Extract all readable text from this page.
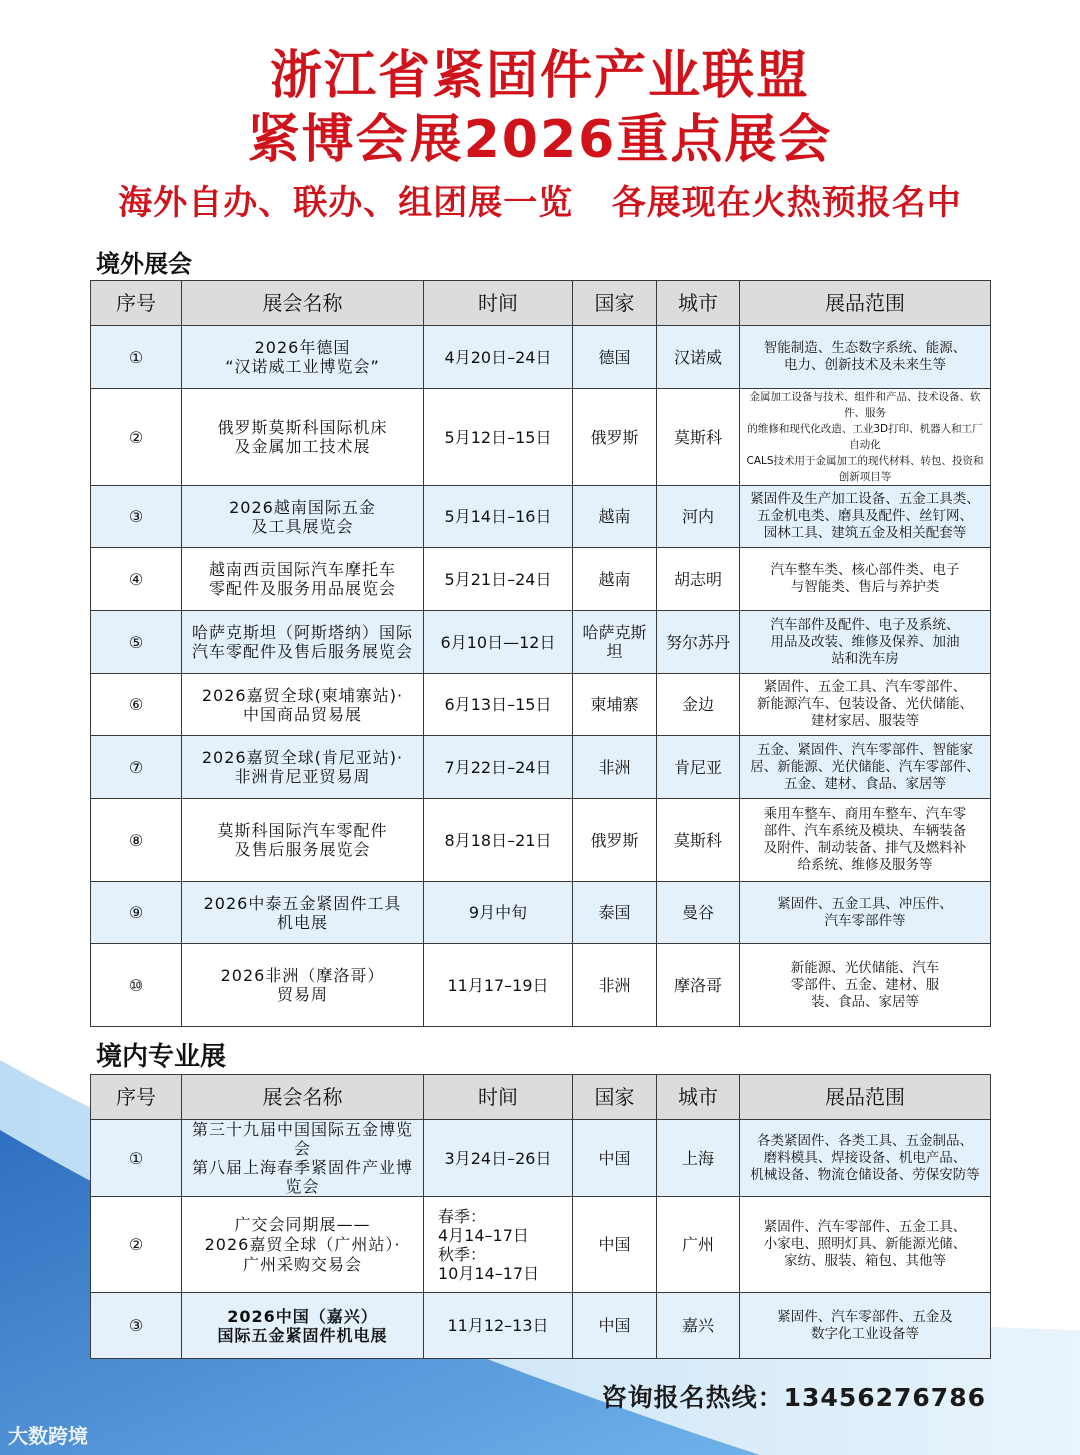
浙江省紧固件产业联盟
紧博会展2026重点展会
海外自办、联办、组团展一览   各展现在火热预报名中
境外展会
序号	展会名称	时间	国家	城市	展品范围
①	2026年德国
“汉诺威工业博览会”	4月20日–24日	德国	汉诺威	智能制造、生态数字系统、能源、
电力、创新技术及未来生等
②	俄罗斯莫斯科国际机床
及金属加工技术展	5月12日–15日	俄罗斯	莫斯科	金属加工设备与技术、组件和产品、技术设备、软件、服务
的维修和现代化改造、工业3D打印、机器人和工厂自动化
CALS技术用于金属加工的现代材料、转包、投资和创新项目等
③	2026越南国际五金
及工具展览会	5月14日–16日	越南	河内	紧固件及生产加工设备、五金工具类、
五金机电类、磨具及配件、丝钉网、
园林工具、建筑五金及相关配套等
④	越南西贡国际汽车摩托车
零配件及服务用品展览会	5月21日–24日	越南	胡志明	汽车整车类、核心部件类、电子
与智能类、售后与养护类
⑤	哈萨克斯坦（阿斯塔纳）国际
汽车零配件及售后服务展览会	6月10日—12日	哈萨克斯坦	努尔苏丹	汽车部件及配件、电子及系统、
用品及改装、维修及保养、加油
站和洗车房
⑥	2026嘉贸全球(柬埔寨站)·
中国商品贸易展	6月13日–15日	柬埔寨	金边	紧固件、五金工具、汽车零部件、
新能源汽车、包装设备、光伏储能、
建材家居、服装等
⑦	2026嘉贸全球(肯尼亚站)·
非洲肯尼亚贸易周	7月22日–24日	非洲	肯尼亚	五金、紧固件、汽车零部件、智能家
居、新能源、光伏储能、汽车零部件、
五金、建材、食品、家居等
⑧	莫斯科国际汽车零配件
及售后服务展览会	8月18日–21日	俄罗斯	莫斯科	乘用车整车、商用车整车、汽车零
部件、汽车系统及模块、车辆装备
及附件、制动装备、排气及燃料补
给系统、维修及服务等
⑨	2026中泰五金紧固件工具
机电展	9月中旬	泰国	曼谷	紧固件、五金工具、冲压件、
汽车零部件等
⑩	2026非洲（摩洛哥）
贸易周	11月17–19日	非洲	摩洛哥	新能源、光伏储能、汽车
零部件、五金、建材、服
装、食品、家居等
境内专业展
序号	展会名称	时间	国家	城市	展品范围
①	第三十九届中国国际五金博览会
第八届上海春季紧固件产业博览会	3月24日–26日	中国	上海	各类紧固件、各类工具、五金制品、
磨料模具、焊接设备、机电产品、
机械设备、物流仓储设备、劳保安防等
②	广交会同期展——
2026嘉贸全球（广州站）·
广州采购交易会	春季：
4月14–17日
秋季：
10月14–17日	中国	广州	紧固件、汽车零部件、五金工具、
小家电、照明灯具、新能源光储、
家纺、服装、箱包、其他等
③	2026中国（嘉兴）
国际五金紧固件机电展	11月12–13日	中国	嘉兴	紧固件、汽车零部件、五金及
数字化工业设备等
咨询报名热线：13456276786
大数跨境
